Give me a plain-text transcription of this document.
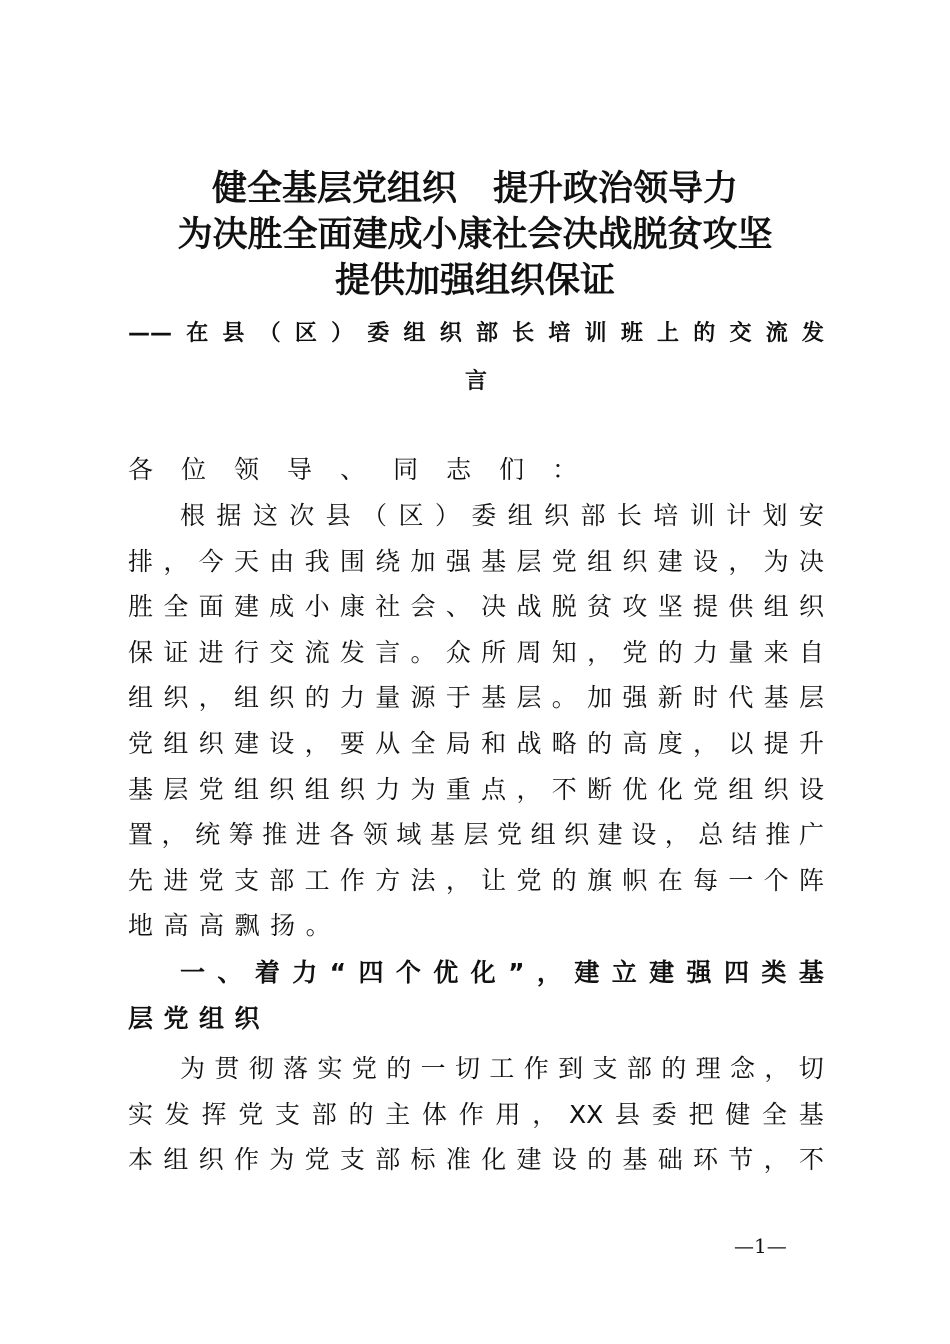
健全基层党组织 提升政治领导力
为决胜全面建成小康社会决战脱贫攻坚
提供加强组织保证
—— 在 县 （ 区 ） 委 组 织 部 长 培 训 班 上 的 交 流 发
言
各 位 领 导 、 同 志 们 ：
根 据 这 次 县 （ 区 ） 委 组 织 部 长 培 训 计 划 安
排 ， 今 天 由 我 围 绕 加 强 基 层 党 组 织 建 设 ， 为 决
胜 全 面 建 成 小 康 社 会 、 决 战 脱 贫 攻 坚 提 供 组 织
保 证 进 行 交 流 发 言 。 众 所 周 知 ， 党 的 力 量 来 自
组 织 ， 组 织 的 力 量 源 于 基 层 。 加 强 新 时 代 基 层
党 组 织 建 设 ， 要 从 全 局 和 战 略 的 高 度 ， 以 提 升
基 层 党 组 织 组 织 力 为 重 点 ， 不 断 优 化 党 组 织 设
置 ， 统 筹 推 进 各 领 域 基 层 党 组 织 建 设 ， 总 结 推 广
先 进 党 支 部 工 作 方 法 ， 让 党 的 旗 帜 在 每 一 个 阵
地 高 高 飘 扬 。
一 、 着 力 “ 四 个 优 化 ” ， 建 立 建 强 四 类 基
层 党 组 织
为 贯 彻 落 实 党 的 一 切 工 作 到 支 部 的 理 念 ， 切
实 发 挥 党 支 部 的 主 体 作 用 ， XX 县 委 把 健 全 基
本 组 织 作 为 党 支 部 标 准 化 建 设 的 基 础 环 节 ， 不
—1—
